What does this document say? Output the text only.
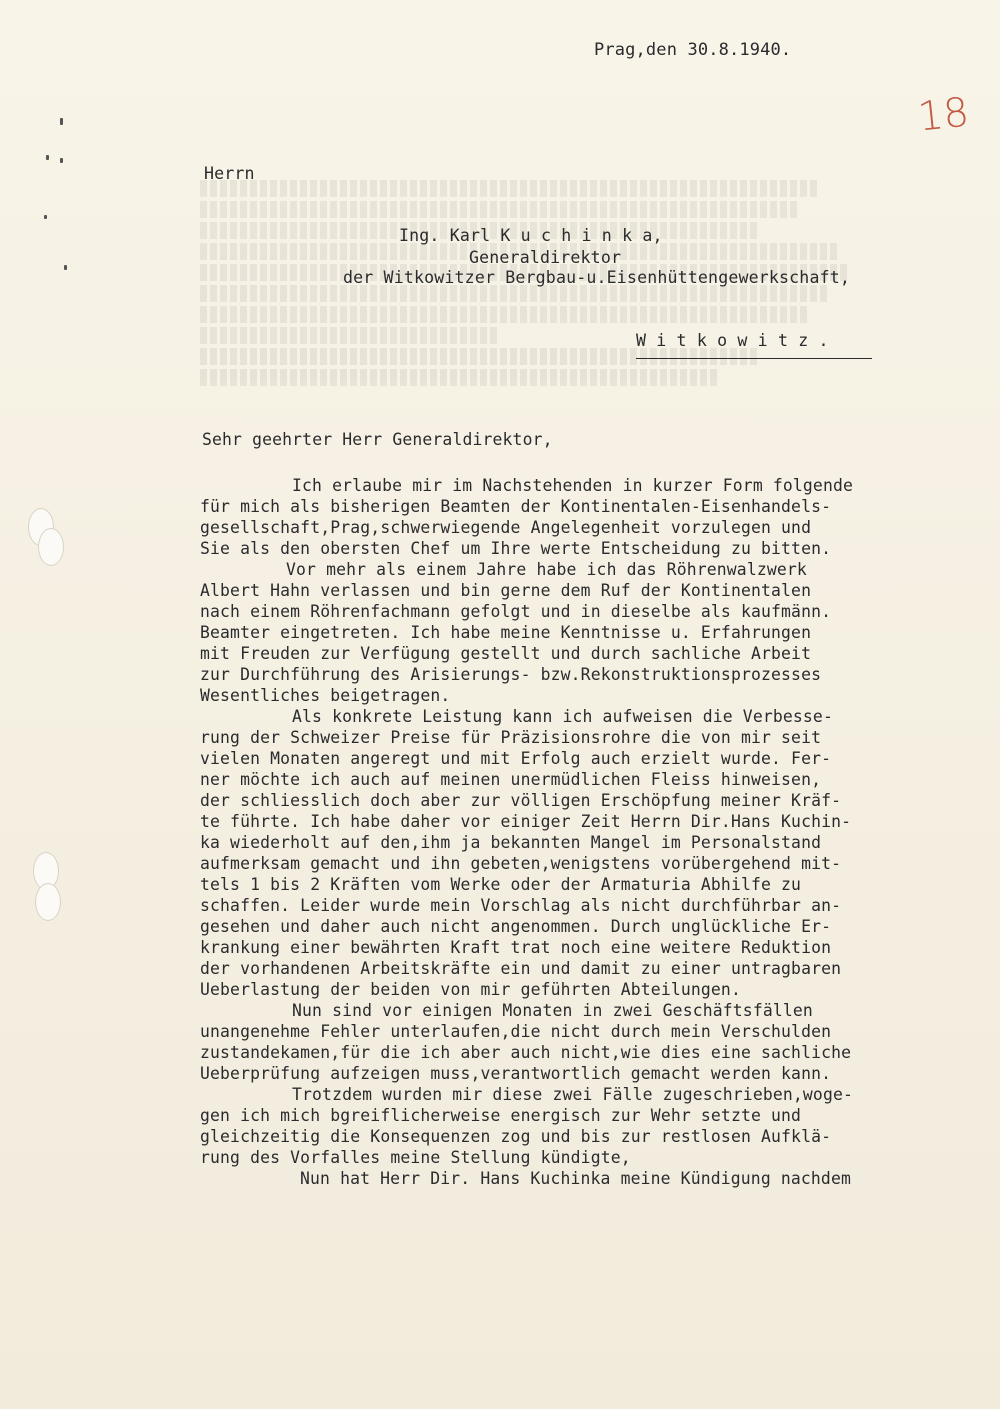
Prag,den 30.8.1940.
18
Herrn
Ing. Karl K u c h i n k a,
Generaldirektor
der Witkowitzer Bergbau-u.Eisenhüttengewerkschaft,
W i t k o w i t z .
Sehr geehrter Herr Generaldirektor,
Ich erlaube mir im Nachstehenden in kurzer Form folgende
für mich als bisherigen Beamten der Kontinentalen-Eisenhandels-
gesellschaft,Prag,schwerwiegende Angelegenheit vorzulegen und
Sie als den obersten Chef um Ihre werte Entscheidung zu bitten.
Vor mehr als einem Jahre habe ich das Röhrenwalzwerk
Albert Hahn verlassen und bin gerne dem Ruf der Kontinentalen
nach einem Röhrenfachmann gefolgt und in dieselbe als kaufmänn.
Beamter eingetreten. Ich habe meine Kenntnisse u. Erfahrungen
mit Freuden zur Verfügung gestellt und durch sachliche Arbeit
zur Durchführung des Arisierungs- bzw.Rekonstruktionsprozesses
Wesentliches beigetragen.
Als konkrete Leistung kann ich aufweisen die Verbesse-
rung der Schweizer Preise für Präzisionsrohre die von mir seit
vielen Monaten angeregt und mit Erfolg auch erzielt wurde. Fer-
ner möchte ich auch auf meinen unermüdlichen Fleiss hinweisen,
der schliesslich doch aber zur völligen Erschöpfung meiner Kräf-
te führte. Ich habe daher vor einiger Zeit Herrn Dir.Hans Kuchin-
ka wiederholt auf den,ihm ja bekannten Mangel im Personalstand
aufmerksam gemacht und ihn gebeten,wenigstens vorübergehend mit-
tels 1 bis 2 Kräften vom Werke oder der Armaturia Abhilfe zu
schaffen. Leider wurde mein Vorschlag als nicht durchführbar an-
gesehen und daher auch nicht angenommen. Durch unglückliche Er-
krankung einer bewährten Kraft trat noch eine weitere Reduktion
der vorhandenen Arbeitskräfte ein und damit zu einer untragbaren
Ueberlastung der beiden von mir geführten Abteilungen.
Nun sind vor einigen Monaten in zwei Geschäftsfällen
unangenehme Fehler unterlaufen,die nicht durch mein Verschulden
zustandekamen,für die ich aber auch nicht,wie dies eine sachliche
Ueberprüfung aufzeigen muss,verantwortlich gemacht werden kann.
Trotzdem wurden mir diese zwei Fälle zugeschrieben,woge-
gen ich mich bgreiflicherweise energisch zur Wehr setzte und
gleichzeitig die Konsequenzen zog und bis zur restlosen Aufklä-
rung des Vorfalles meine Stellung kündigte,
Nun hat Herr Dir. Hans Kuchinka meine Kündigung nachdem
